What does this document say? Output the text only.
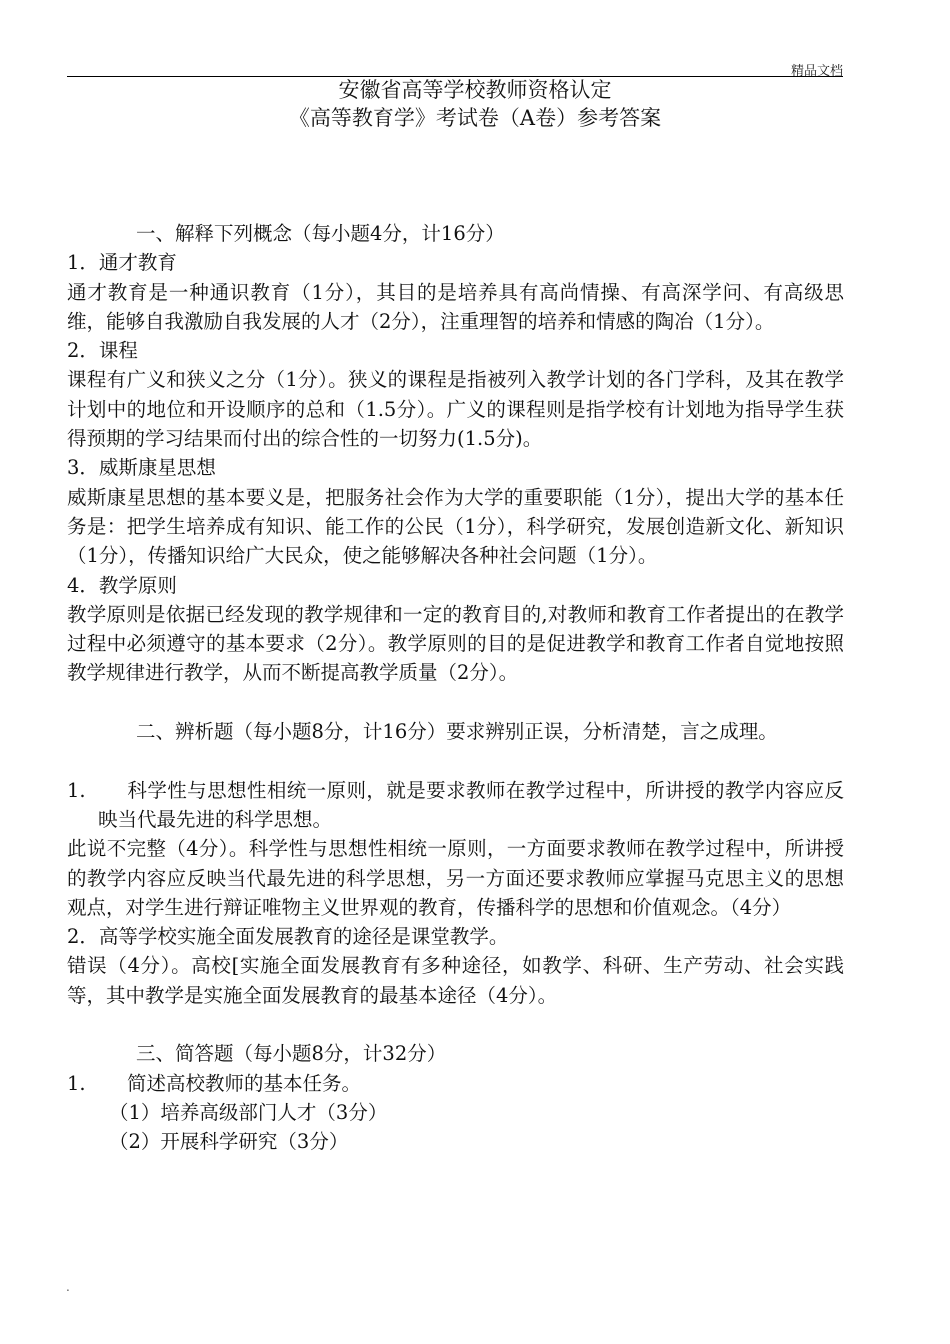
精品文档
安徽省高等学校教师资格认定
《高等教育学》考试卷（A卷）参考答案

一、解释下列概念（每小题4分，计16分）

1．通才教育

通才教育是一种通识教育（1分），其目的是培养具有高尚情操、有高深学问、有高级思维，能够自我激励自我发展的人才（2分），注重理智的培养和情感的陶冶（1分）。

2．课程

课程有广义和狭义之分（1分）。狭义的课程是指被列入教学计划的各门学科，及其在教学计划中的地位和开设顺序的总和（1.5分）。广义的课程则是指学校有计划地为指导学生获得预期的学习结果而付出的综合性的一切努力(1.5分)。

3．威斯康星思想

威斯康星思想的基本要义是，把服务社会作为大学的重要职能（1分），提出大学的基本任务是：把学生培养成有知识、能工作的公民（1分），科学研究，发展创造新文化、新知识（1分），传播知识给广大民众，使之能够解决各种社会问题（1分）。

4．教学原则

教学原则是依据已经发现的教学规律和一定的教育目的,对教师和教育工作者提出的在教学过程中必须遵守的基本要求（2分）。教学原则的目的是促进教学和教育工作者自觉地按照教学规律进行教学，从而不断提高教学质量（2分）。

二、辨析题（每小题8分，计16分）要求辨别正误，分析清楚，言之成理。

1. 科学性与思想性相统一原则，就是要求教师在教学过程中，所讲授的教学内容应反映当代最先进的科学思想。

此说不完整（4分）。科学性与思想性相统一原则，一方面要求教师在教学过程中，所讲授的教学内容应反映当代最先进的科学思想，另一方面还要求教师应掌握马克思主义的思想观点，对学生进行辩证唯物主义世界观的教育，传播科学的思想和价值观念。（4分）

2．高等学校实施全面发展教育的途径是课堂教学。

错误（4分）。高校[实施全面发展教育有多种途径，如教学、科研、生产劳动、社会实践等，其中教学是实施全面发展教育的最基本途径（4分）。

三、简答题（每小题8分，计32分）

1. 简述高校教师的基本任务。

（1）培养高级部门人才（3分）

（2）开展科学研究（3分）

.
